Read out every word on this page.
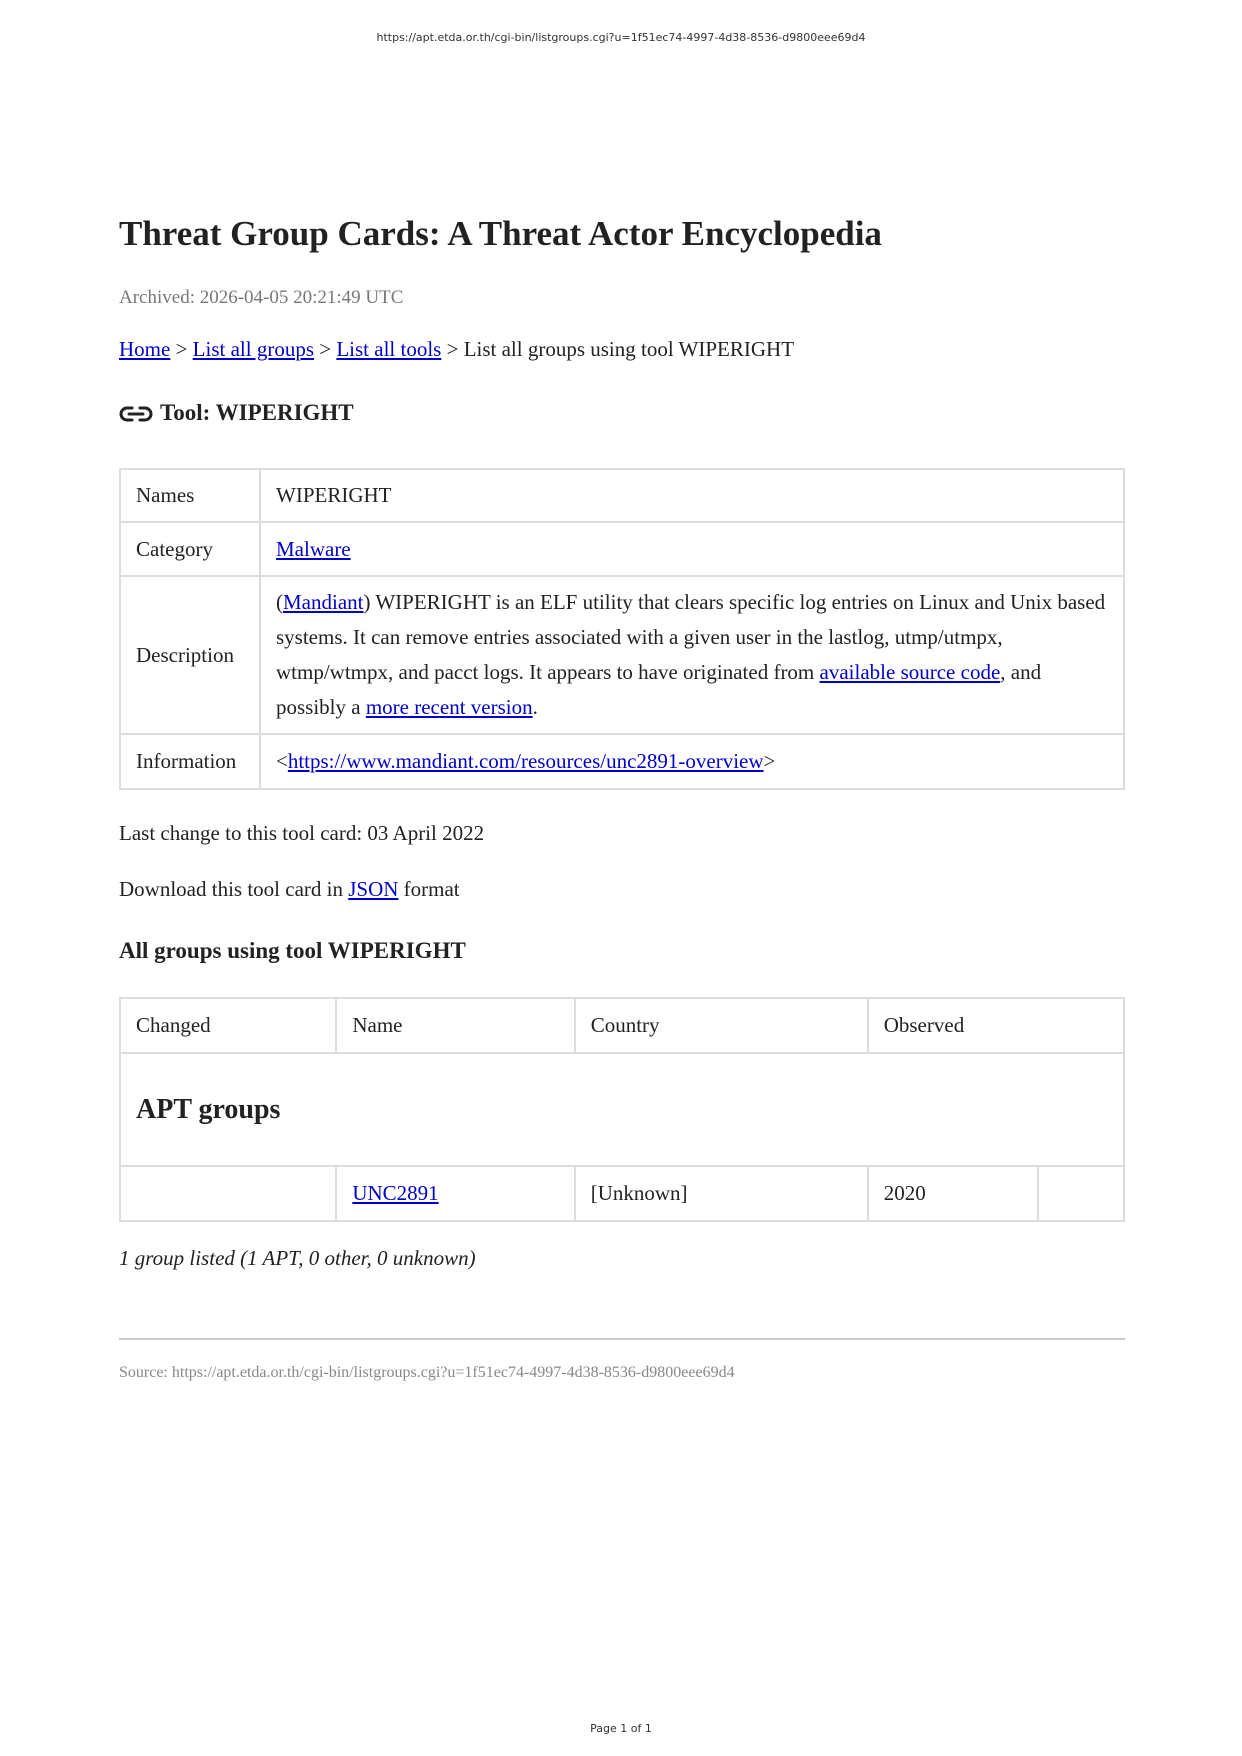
https://apt.etda.or.th/cgi-bin/listgroups.cgi?u=1f51ec74-4997-4d38-8536-d9800eee69d4
Threat Group Cards: A Threat Actor Encyclopedia
Archived: 2026-04-05 20:21:49 UTC
Home > List all groups > List all tools > List all groups using tool WIPERIGHT
Tool: WIPERIGHT
Names	WIPERIGHT
Category	Malware
Description	(Mandiant) WIPERIGHT is an ELF utility that clears specific log entries on Linux and Unix based systems. It can remove entries associated with a given user in the lastlog, utmp/utmpx, wtmp/wtmpx, and pacct logs. It appears to have originated from available source code, and possibly a more recent version.
Information	<https://www.mandiant.com/resources/unc2891-overview>
Last change to this tool card: 03 April 2022
Download this tool card in JSON format
All groups using tool WIPERIGHT
Changed	Name	Country	Observed	
APT groups				
	UNC2891	[Unknown]	2020	
1 group listed (1 APT, 0 other, 0 unknown)
Source: https://apt.etda.or.th/cgi-bin/listgroups.cgi?u=1f51ec74-4997-4d38-8536-d9800eee69d4
Page 1 of 1
